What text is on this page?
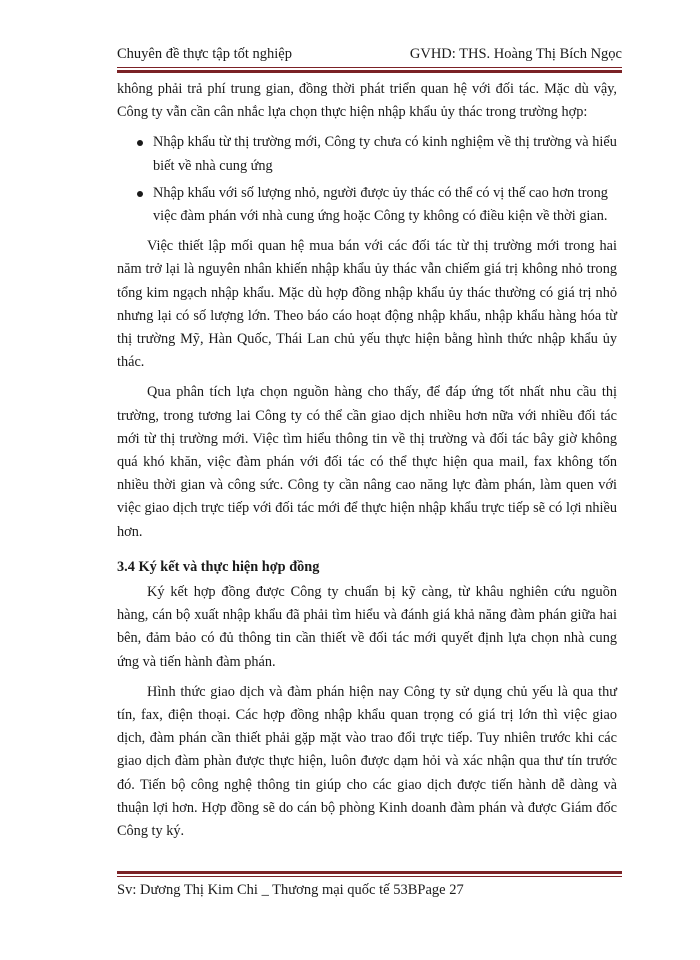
Chuyên đề thực tập tốt nghiệp	GVHD: THS. Hoàng Thị Bích Ngọc

không phải trả phí trung gian, đồng thời phát triển quan hệ với đối tác. Mặc dù vậy, Công ty vẫn cần cân nhắc lựa chọn thực hiện nhập khẩu ủy thác trong trường hợp:

Nhập khẩu từ thị trường mới, Công ty chưa có kinh nghiệm về thị trường và hiểu biết về nhà cung ứng
Nhập khẩu với số lượng nhỏ, người được ủy thác có thể có vị thế cao hơn trong việc đàm phán với nhà cung ứng hoặc Công ty không có điều kiện về thời gian.

Việc thiết lập mối quan hệ mua bán với các đối tác từ thị trường mới trong hai năm trở lại là nguyên nhân khiến nhập khẩu ủy thác vẫn chiếm giá trị không nhỏ trong tổng kim ngạch nhập khẩu. Mặc dù hợp đồng nhập khẩu ủy thác thường có giá trị nhỏ nhưng lại có số lượng lớn. Theo báo cáo hoạt động nhập khẩu, nhập khẩu hàng hóa từ thị trường Mỹ, Hàn Quốc, Thái Lan chủ yếu thực hiện bằng hình thức nhập khẩu ủy thác.

Qua phân tích lựa chọn nguồn hàng cho thấy, để đáp ứng tốt nhất nhu cầu thị trường, trong tương lai Công ty có thể cần giao dịch nhiều hơn nữa với nhiều đối tác mới từ thị trường mới. Việc tìm hiểu thông tin về thị trường và đối tác bây giờ không quá khó khăn, việc đàm phán với đối tác có thể thực hiện qua mail, fax không tốn nhiều thời gian và công sức. Công ty cần nâng cao năng lực đàm phán, làm quen với việc giao dịch trực tiếp với đối tác mới để thực hiện nhập khẩu trực tiếp sẽ có lợi nhiều hơn.

3.4 Ký kết và thực hiện hợp đồng

Ký kết hợp đồng được Công ty chuẩn bị kỹ càng, từ khâu nghiên cứu nguồn hàng, cán bộ xuất nhập khẩu đã phải tìm hiểu và đánh giá khả năng đàm phán giữa hai bên, đảm bảo có đủ thông tin cần thiết về đối tác mới quyết định lựa chọn nhà cung ứng và tiến hành đàm phán.

Hình thức giao dịch và đàm phán hiện nay Công ty sử dụng chủ yếu là qua thư tín, fax, điện thoại. Các hợp đồng nhập khẩu quan trọng có giá trị lớn thì việc giao dịch, đàm phán cần thiết phải gặp mặt vào trao đổi trực tiếp. Tuy nhiên trước khi các giao dịch đàm phàn được thực hiện, luôn được dạm hỏi và xác nhận qua thư tín trước đó. Tiến bộ công nghệ thông tin giúp cho các giao dịch được tiến hành dễ dàng và thuận lợi hơn. Hợp đồng sẽ do cán bộ phòng Kinh doanh đàm phán và được Giám đốc Công ty ký.

Sv: Dương Thị Kim Chi _ Thương mại quốc tế 53BPage 27
